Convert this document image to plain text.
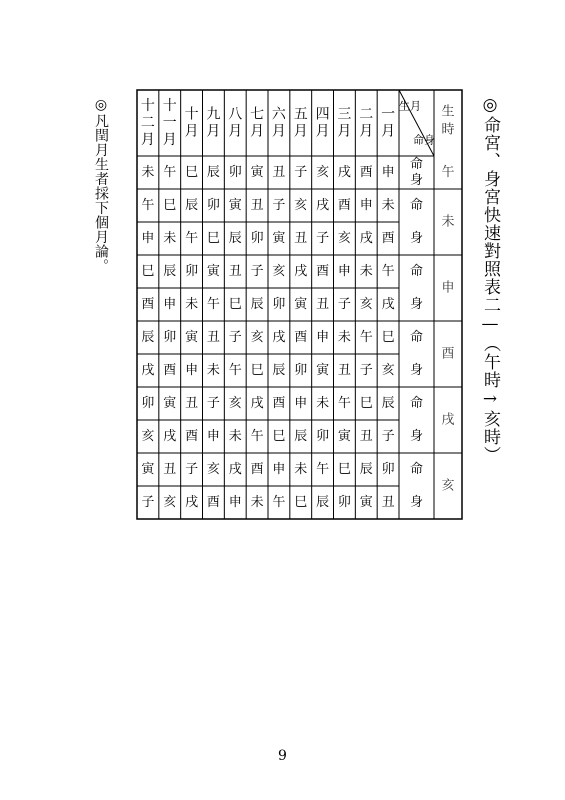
◎命宮、身宮快速對照表二—（午時→亥時）
生月
命身
生
時
一
月
二
月
三
月
四
月
五
月
六
月
七
月
八
月
九
月
十
月
十
一
月
十
二
月
命
身
命
身
命
身
命
身
命
身
命
身
午
未
申
酉
戌
亥
申
酉
戌
亥
子
丑
寅
卯
辰
巳
午
未
未
申
酉
戌
亥
子
丑
寅
卯
辰
巳
午
酉
戌
亥
子
丑
寅
卯
辰
巳
午
未
申
午
未
申
酉
戌
亥
子
丑
寅
卯
辰
巳
戌
亥
子
丑
寅
卯
辰
巳
午
未
申
酉
巳
午
未
申
酉
戌
亥
子
丑
寅
卯
辰
亥
子
丑
寅
卯
辰
巳
午
未
申
酉
戌
辰
巳
午
未
申
酉
戌
亥
子
丑
寅
卯
子
丑
寅
卯
辰
巳
午
未
申
酉
戌
亥
卯
辰
巳
午
未
申
酉
戌
亥
子
丑
寅
丑
寅
卯
辰
巳
午
未
申
酉
戌
亥
子
◎凡閏月生者採下個月論。
9
